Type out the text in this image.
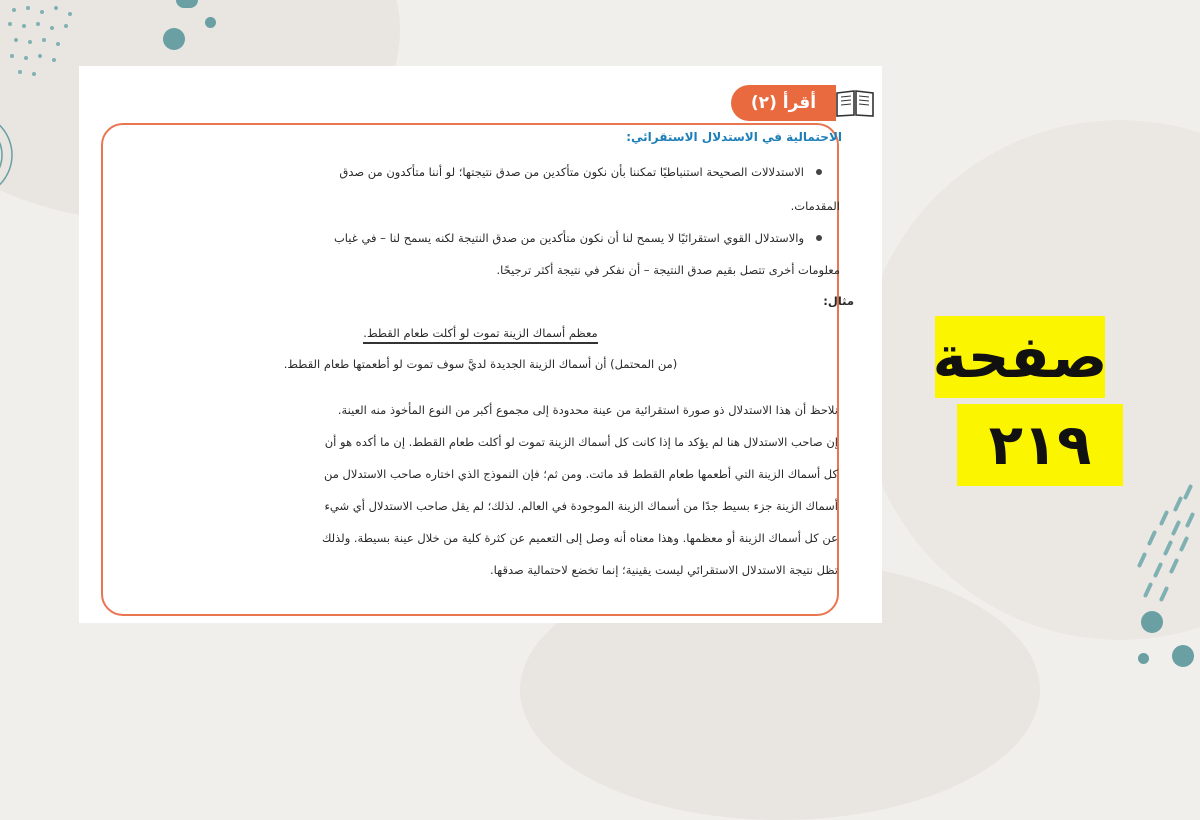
أقرأ (٢)
الاحتمالية في الاستدلال الاستقرائي:
الاستدلالات الصحيحة استنباطيًا تمكننا بأن نكون متأكدين من صدق نتيجتها؛ لو أننا متأكدون من صدق
المقدمات.
والاستدلال القوي استقرائيًا لا يسمح لنا أن نكون متأكدين من صدق النتيجة لكنه يسمح لنا – في غياب
معلومات أخرى تتصل بقيم صدق النتيجة – أن نفكر في نتيجة أكثر ترجيحًا.
مثال:
معظم أسماك الزينة تموت لو أكلت طعام القطط.
(من المحتمل) أن أسماك الزينة الجديدة لديَّ سوف تموت لو أطعمتها طعام القطط.
نلاحظ أن هذا الاستدلال ذو صورة استقرائية من عينة محدودة إلى مجموع أكبر من النوع المأخوذ منه العينة.
إن صاحب الاستدلال هنا لم يؤكد ما إذا كانت كل أسماك الزينة تموت لو أكلت طعام القطط. إن ما أكده هو أن
كل أسماك الزينة التي أطعمها طعام القطط قد ماتت. ومن ثم؛ فإن النموذج الذي اختاره صاحب الاستدلال من
أسماك الزينة جزء بسيط جدًا من أسماك الزينة الموجودة في العالم. لذلك؛ لم يقل صاحب الاستدلال أي شيء
عن كل أسماك الزينة أو معظمها. وهذا معناه أنه وصل إلى التعميم عن كثرة كلية من خلال عينة بسيطة. ولذلك
تظل نتيجة الاستدلال الاستقرائي ليست يقينية؛ إنما تخضع لاحتمالية صدقها.
صفحة
٢١٩
